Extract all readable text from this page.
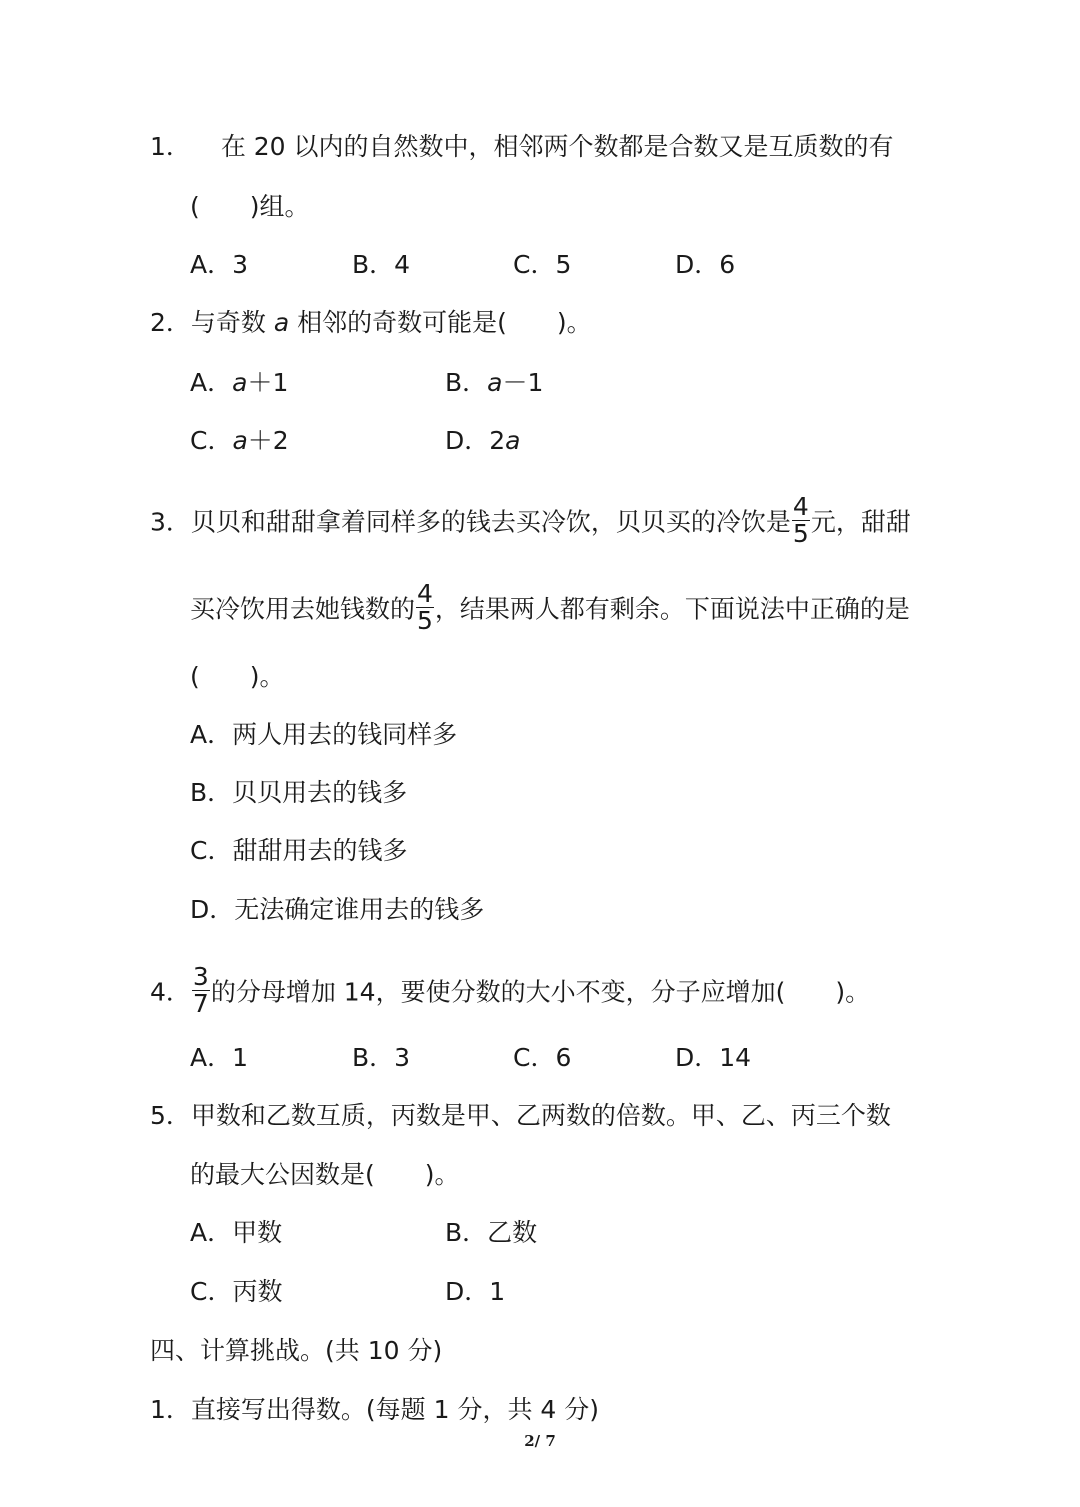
1． 在 20 以内的自然数中，相邻两个数都是合数又是互质数的有
(　　)组。
A．3	B．4	C．5	D．6
2．与奇数 a 相邻的奇数可能是(　　)。
A．a＋1	B．a－1
C．a＋2	D．2a
3．贝贝和甜甜拿着同样多的钱去买冷饮，贝贝买的冷饮是 $\frac{4}{5}$ 元，甜甜
买冷饮用去她钱数的 $\frac{4}{5}$ ，结果两人都有剩余。下面说法中正确的是
(　　)。
A．两人用去的钱同样多
B．贝贝用去的钱多
C．甜甜用去的钱多
D．无法确定谁用去的钱多
4． $\frac{3}{7}$ 的分母增加 14，要使分数的大小不变，分子应增加(　　)。
A．1	B．3	C．6	D．14
5．甲数和乙数互质，丙数是甲、乙两数的倍数。甲、乙、丙三个数
的最大公因数是(　　)。
A．甲数	B．乙数
C．丙数	D．1
四、计算挑战。(共 10 分)
1．直接写出得数。(每题 1 分，共 4 分)
2/ 7
